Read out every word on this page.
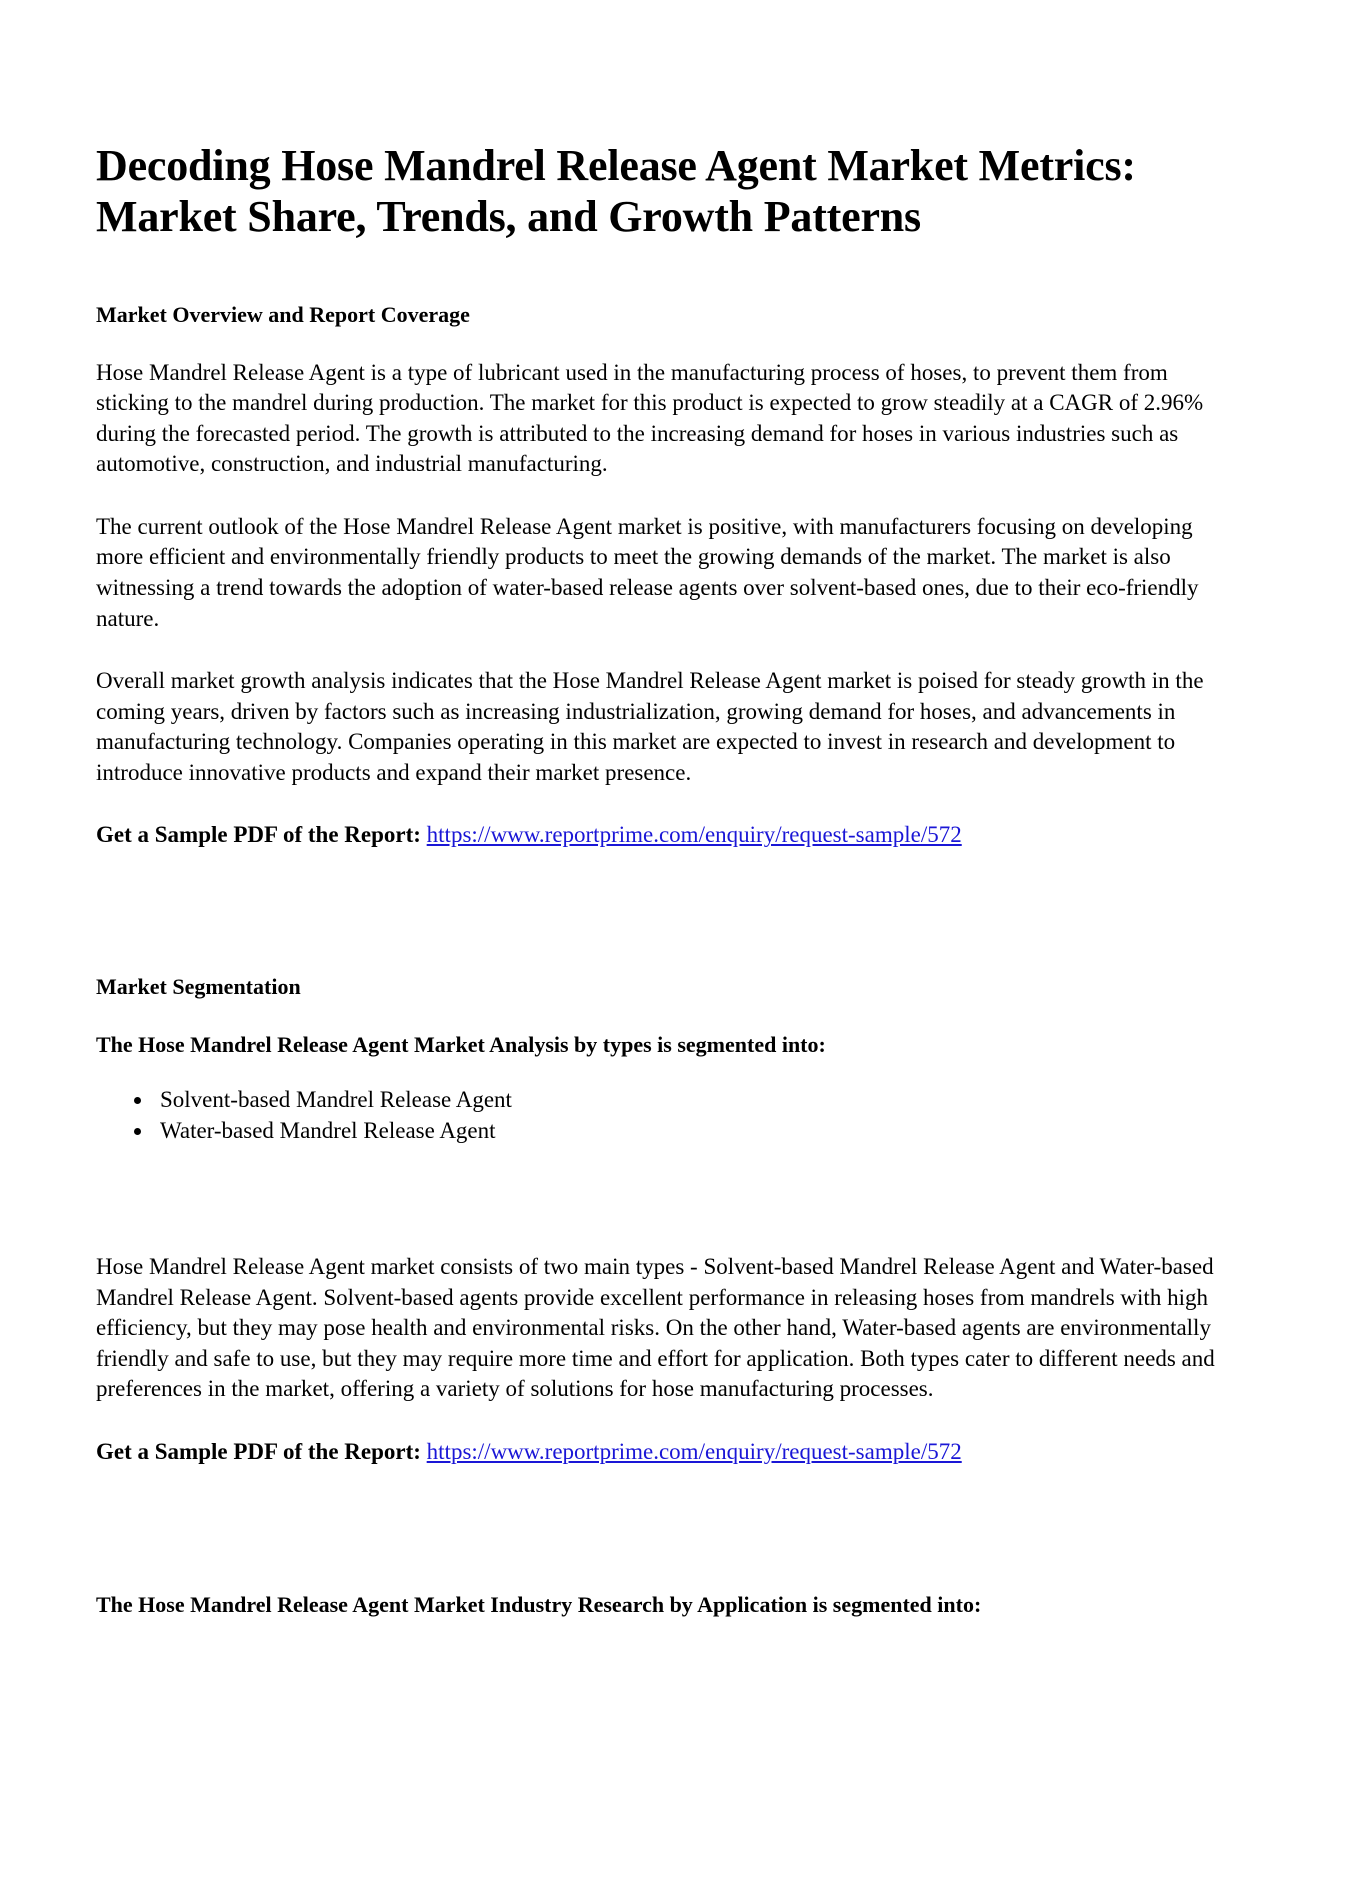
Decoding Hose Mandrel Release Agent Market Metrics: Market Share, Trends, and Growth Patterns
Market Overview and Report Coverage

Hose Mandrel Release Agent is a type of lubricant used in the manufacturing process of hoses, to prevent them from sticking to the mandrel during production. The market for this product is expected to grow steadily at a CAGR of 2.96% during the forecasted period. The growth is attributed to the increasing demand for hoses in various industries such as automotive, construction, and industrial manufacturing.

The current outlook of the Hose Mandrel Release Agent market is positive, with manufacturers focusing on developing more efficient and environmentally friendly products to meet the growing demands of the market. The market is also witnessing a trend towards the adoption of water-based release agents over solvent-based ones, due to their eco-friendly nature.

Overall market growth analysis indicates that the Hose Mandrel Release Agent market is poised for steady growth in the coming years, driven by factors such as increasing industrialization, growing demand for hoses, and advancements in manufacturing technology. Companies operating in this market are expected to invest in research and development to introduce innovative products and expand their market presence.

Get a Sample PDF of the Report: https://www.reportprime.com/enquiry/request-sample/572

Market Segmentation
The Hose Mandrel Release Agent Market Analysis by types is segmented into:
• Solvent-based Mandrel Release Agent
• Water-based Mandrel Release Agent

Hose Mandrel Release Agent market consists of two main types - Solvent-based Mandrel Release Agent and Water-based Mandrel Release Agent. Solvent-based agents provide excellent performance in releasing hoses from mandrels with high efficiency, but they may pose health and environmental risks. On the other hand, Water-based agents are environmentally friendly and safe to use, but they may require more time and effort for application. Both types cater to different needs and preferences in the market, offering a variety of solutions for hose manufacturing processes.

Get a Sample PDF of the Report: https://www.reportprime.com/enquiry/request-sample/572

The Hose Mandrel Release Agent Market Industry Research by Application is segmented into:
